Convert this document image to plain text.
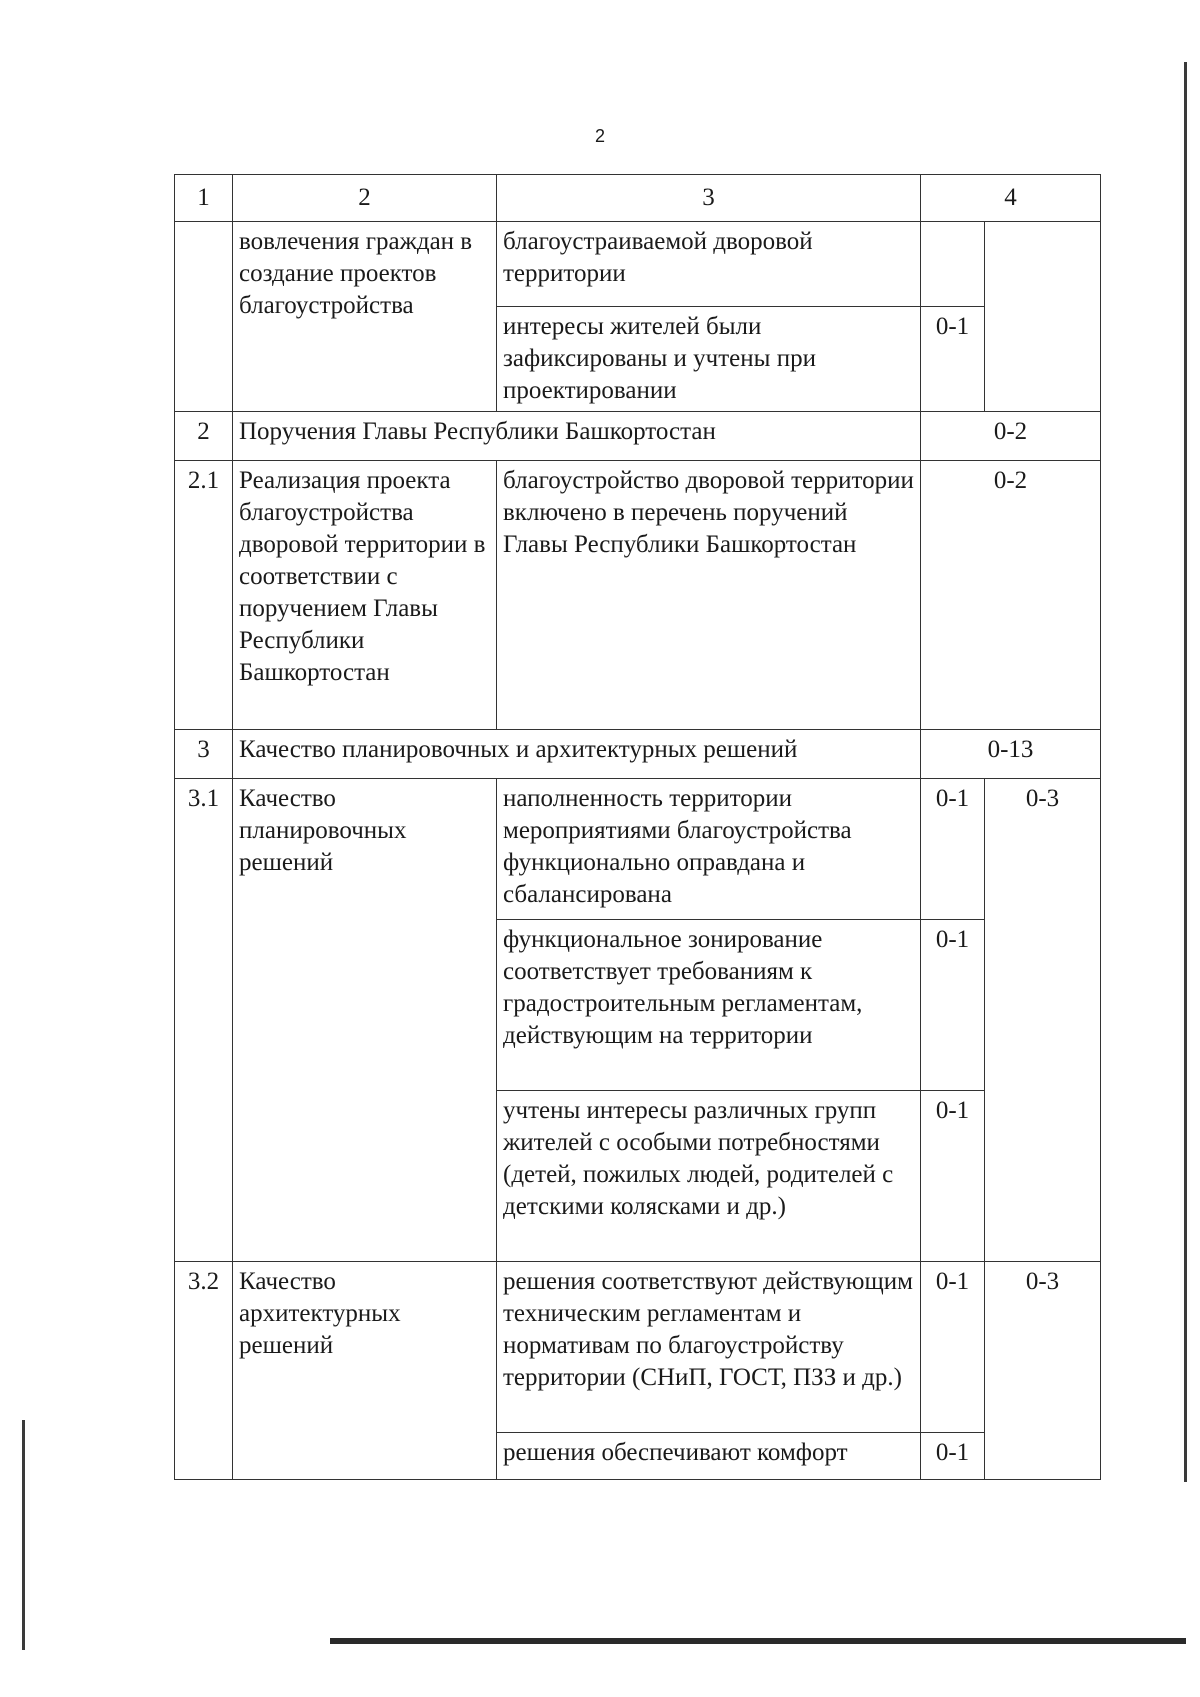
2
1	2	3	4	
	вовлечения граждан в создание проектов благоустройства	благоустраиваемой дворовой территории		
		интересы жителей были зафиксированы и учтены при проектировании	0-1	
2	Поручения Главы Республики Башкортостан		0-2	
2.1	Реализация проекта благоустройства дворовой территории в соответствии с поручением Главы Республики Башкортостан	благоустройство дворовой территории включено в перечень поручений Главы Республики Башкортостан	0-2	
3	Качество планировочных и архитектурных решений		0-13	
3.1	Качество планировочных решений	наполненность территории мероприятиями благоустройства функционально оправдана и сбалансирована	0-1	0-3
		функциональное зонирование соответствует требованиям к градостроительным регламентам, действующим на территории	0-1	
		учтены интересы различных групп жителей с особыми потребностями (детей, пожилых людей, родителей с детскими колясками и др.)	0-1	
3.2	Качество архитектурных решений	решения соответствуют действующим техническим регламентам и нормативам по благоустройству территории (СНиП, ГОСТ, ПЗЗ и др.)	0-1	0-3
		решения обеспечивают комфорт	0-1	
